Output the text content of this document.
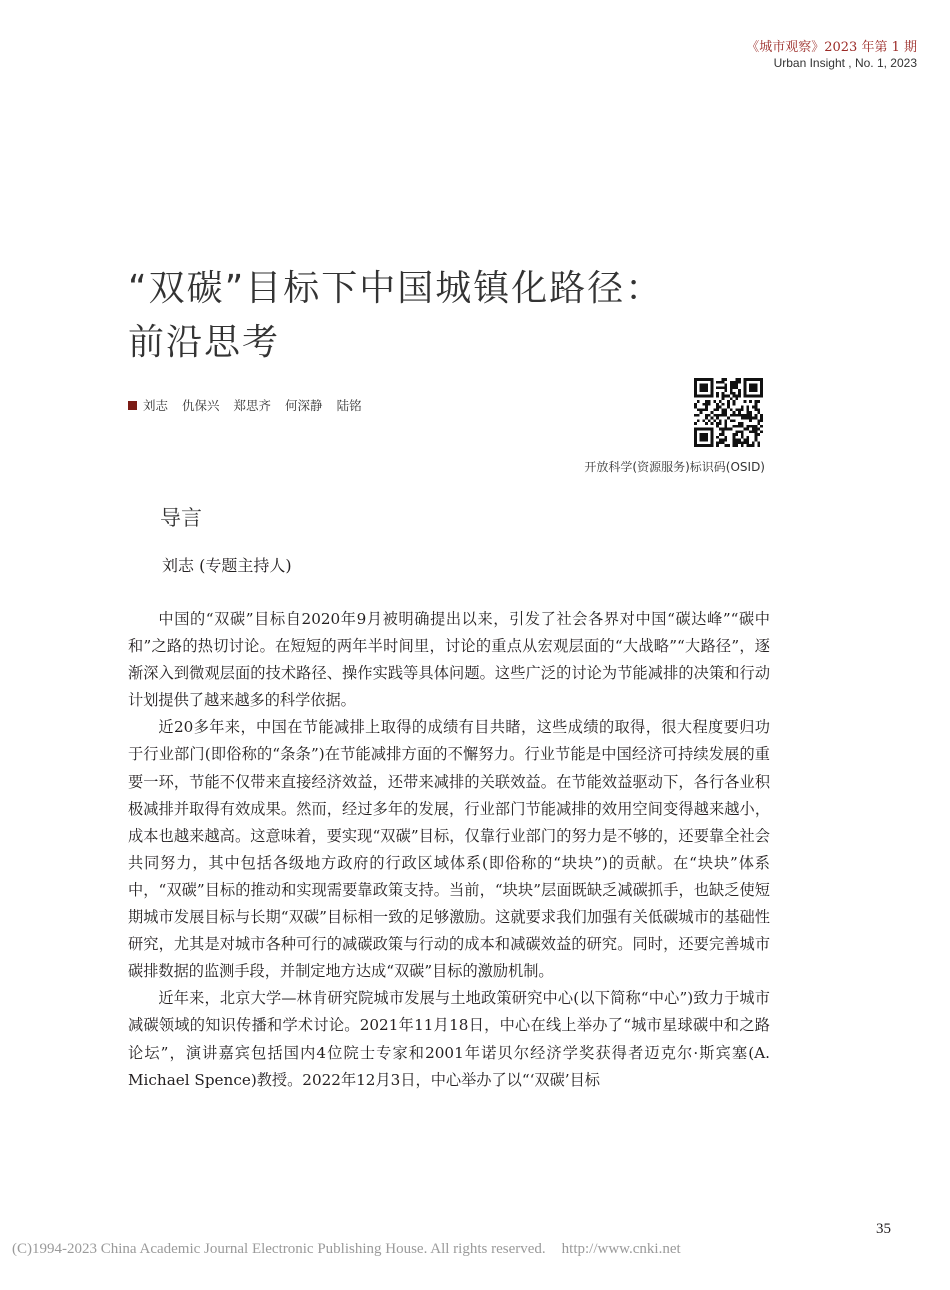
《城市观察》2023 年第 1 期
Urban Insight , No. 1, 2023
“双碳”目标下中国城镇化路径：
前沿思考
刘志 仇保兴 郑思齐 何深静 陆铭
开放科学(资源服务)标识码(OSID)
导言
刘志 (专题主持人)

中国的“双碳”目标自2020年9月被明确提出以来，引发了社会各界对中国“碳达峰”“碳中和”之路的热切讨论。在短短的两年半时间里，讨论的重点从宏观层面的“大战略”“大路径”，逐渐深入到微观层面的技术路径、操作实践等具体问题。这些广泛的讨论为节能减排的决策和行动计划提供了越来越多的科学依据。

近20多年来，中国在节能减排上取得的成绩有目共睹，这些成绩的取得，很大程度要归功于行业部门(即俗称的“条条”)在节能减排方面的不懈努力。行业节能是中国经济可持续发展的重要一环，节能不仅带来直接经济效益，还带来减排的关联效益。在节能效益驱动下，各行各业积极减排并取得有效成果。然而，经过多年的发展，行业部门节能减排的效用空间变得越来越小，成本也越来越高。这意味着，要实现“双碳”目标，仅靠行业部门的努力是不够的，还要靠全社会共同努力，其中包括各级地方政府的行政区域体系(即俗称的“块块”)的贡献。在“块块”体系中，“双碳”目标的推动和实现需要靠政策支持。当前，“块块”层面既缺乏减碳抓手，也缺乏使短期城市发展目标与长期“双碳”目标相一致的足够激励。这就要求我们加强有关低碳城市的基础性研究，尤其是对城市各种可行的减碳政策与行动的成本和减碳效益的研究。同时，还要完善城市碳排数据的监测手段，并制定地方达成“双碳”目标的激励机制。

近年来，北京大学—林肯研究院城市发展与土地政策研究中心(以下简称“中心”)致力于城市减碳领域的知识传播和学术讨论。2021年11月18日，中心在线上举办了“城市星球碳中和之路论坛”，演讲嘉宾包括国内4位院士专家和2001年诺贝尔经济学奖获得者迈克尔·斯宾塞(A. Michael Spence)教授。2022年12月3日，中心举办了以“‘双碳’目标

35
(C)1994-2023 China Academic Journal Electronic Publishing House. All rights reserved. http://www.cnki.net
